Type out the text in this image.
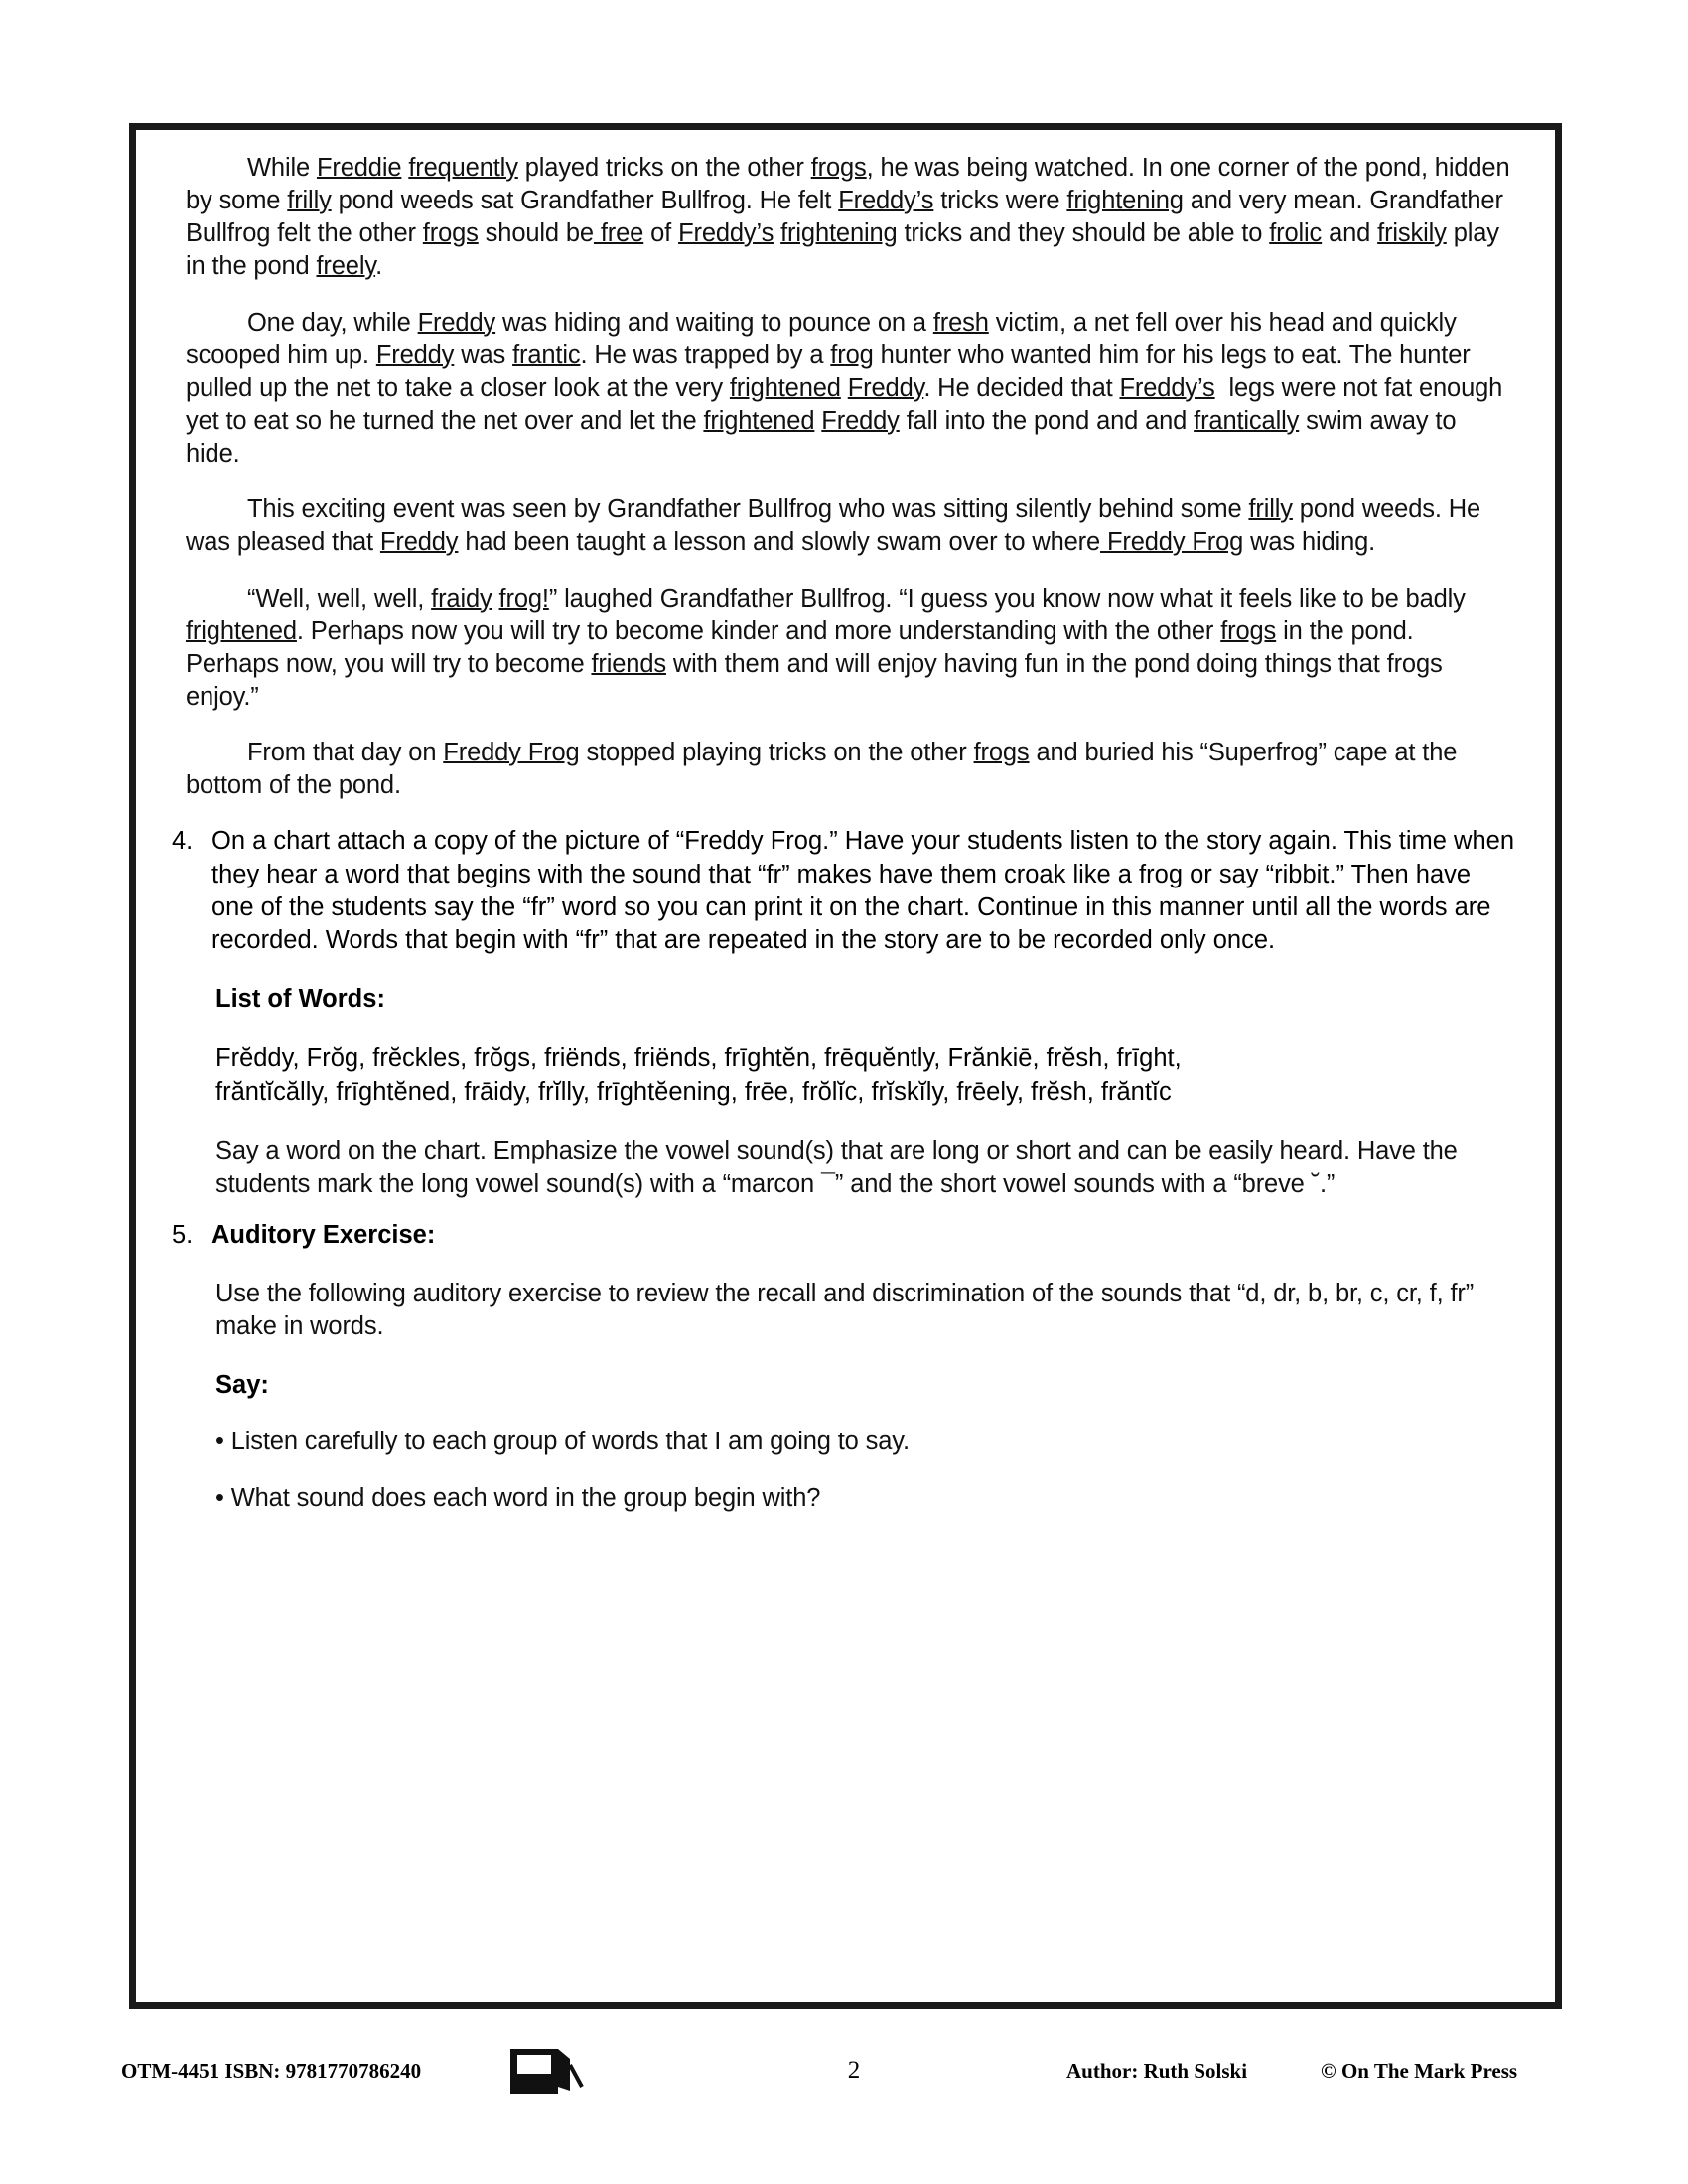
While Freddie frequently played tricks on the other frogs, he was being watched. In one corner of the pond, hidden by some frilly pond weeds sat Grandfather Bullfrog. He felt Freddy’s tricks were frightening and very mean. Grandfather Bullfrog felt the other frogs should be free of Freddy’s frightening tricks and they should be able to frolic and friskily play in the pond freely.

One day, while Freddy was hiding and waiting to pounce on a fresh victim, a net fell over his head and quickly scooped him up. Freddy was frantic. He was trapped by a frog hunter who wanted him for his legs to eat. The hunter pulled up the net to take a closer look at the very frightened Freddy. He decided that Freddy’s  legs were not fat enough yet to eat so he turned the net over and let the frightened Freddy fall into the pond and and frantically swim away to hide.

This exciting event was seen by Grandfather Bullfrog who was sitting silently behind some frilly pond weeds. He was pleased that Freddy had been taught a lesson and slowly swam over to where Freddy Frog was hiding.

“Well, well, well, fraidy frog!” laughed Grandfather Bullfrog. “I guess you know now what it feels like to be badly frightened. Perhaps now you will try to become kinder and more understanding with the other frogs in the pond. Perhaps now, you will try to become friends with them and will enjoy having fun in the pond doing things that frogs enjoy.”

From that day on Freddy Frog stopped playing tricks on the other frogs and buried his “Superfrog” cape at the bottom of the pond.

4. On a chart attach a copy of the picture of “Freddy Frog.” Have your students listen to the story again. This time when they hear a word that begins with the sound that “fr” makes have them croak like a frog or say “ribbit.” Then have one of the students say the “fr” word so you can print it on the chart. Continue in this manner until all the words are recorded. Words that begin with “fr” that are repeated in the story are to be recorded only once.
List of Words:
Frĕddy, Frŏg, frĕckles, frŏgs, friёnds, friёnds, frīghtĕn, frēquĕntly, Frănkiē, frĕsh, frīght,
frăntĭcălly, frīghtĕned, frāidy, frĭlly, frīghtĕening, frēe, frŏlĭc, frĭskĭly, frēely, frĕsh, frăntĭc
Say a word on the chart. Emphasize the vowel sound(s) that are long or short and can be easily heard. Have the students mark the long vowel sound(s) with a “marcon ¯” and the short vowel sounds with a “breve ˘.”
5. Auditory Exercise:
Use the following auditory exercise to review the recall and discrimination of the sounds that “d, dr, b, br, c, cr, f, fr” make in words.
Say:
• Listen carefully to each group of words that I am going to say.
• What sound does each word in the group begin with?
OTM-4451 ISBN: 9781770786240	2	Author: Ruth Solski	© On The Mark Press
